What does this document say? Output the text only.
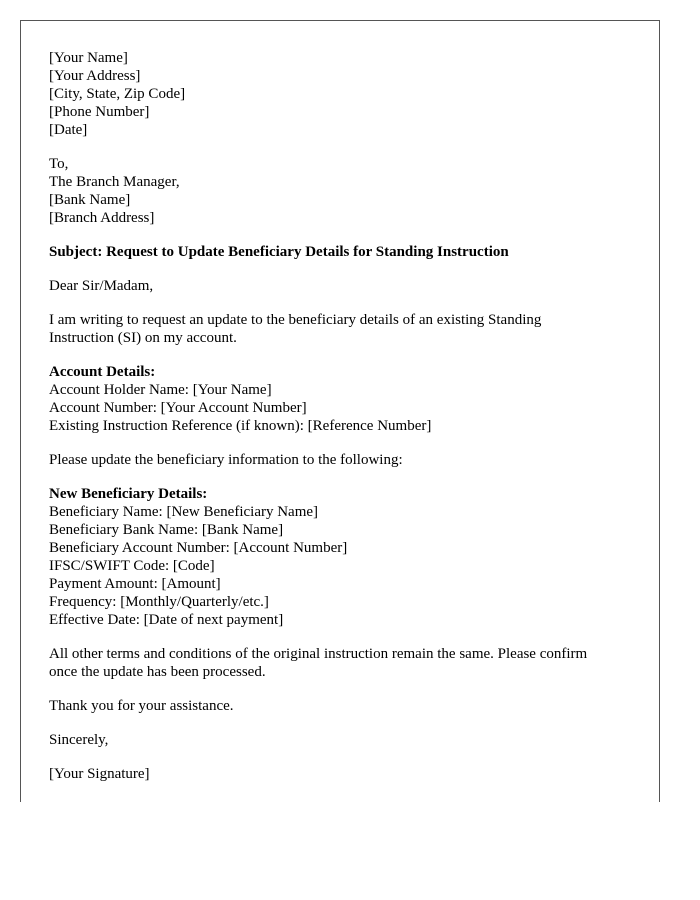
[Your Name]
[Your Address]
[City, State, Zip Code]
[Phone Number]
[Date]
To,
The Branch Manager,
[Bank Name]
[Branch Address]
Subject: Request to Update Beneficiary Details for Standing Instruction
Dear Sir/Madam,
I am writing to request an update to the beneficiary details of an existing Standing
Instruction (SI) on my account.
Account Details:
Account Holder Name: [Your Name]
Account Number: [Your Account Number]
Existing Instruction Reference (if known): [Reference Number]
Please update the beneficiary information to the following:
New Beneficiary Details:
Beneficiary Name: [New Beneficiary Name]
Beneficiary Bank Name: [Bank Name]
Beneficiary Account Number: [Account Number]
IFSC/SWIFT Code: [Code]
Payment Amount: [Amount]
Frequency: [Monthly/Quarterly/etc.]
Effective Date: [Date of next payment]
All other terms and conditions of the original instruction remain the same. Please confirm
once the update has been processed.
Thank you for your assistance.
Sincerely,
[Your Signature]
